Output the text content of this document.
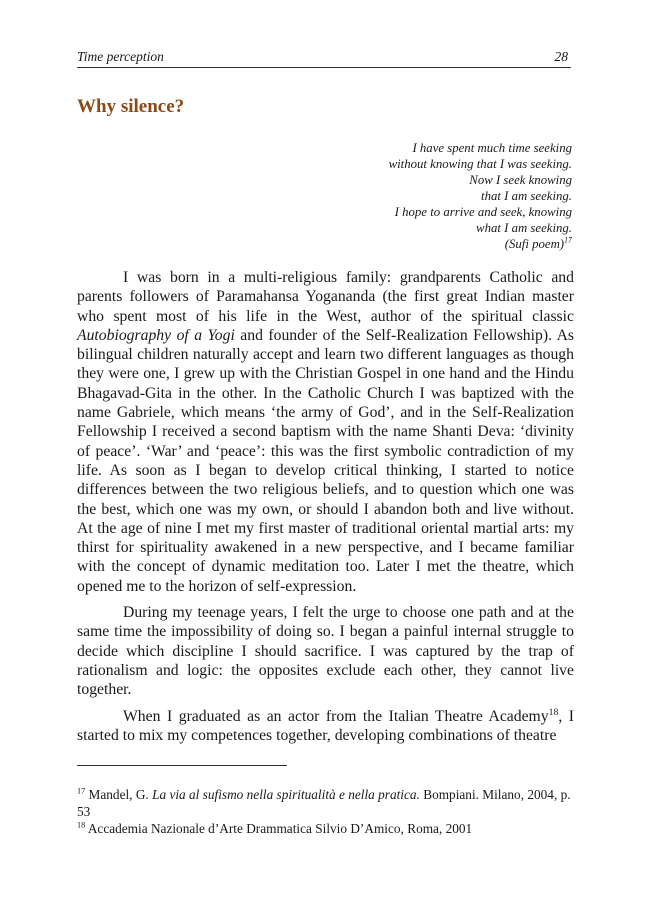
Time perception	28
Why silence?
I have spent much time seeking
without knowing that I was seeking.
Now I seek knowing
that I am seeking.
I hope to arrive and seek, knowing
what I am seeking.
(Sufi poem)$^{17}$

I was born in a multi-religious family: grandparents Catholic and parents followers of Paramahansa Yogananda (the first great Indian master who spent most of his life in the West, author of the spiritual classic Autobiography of a Yogi and founder of the Self-Realization Fellowship). As bilingual children naturally accept and learn two different languages as though they were one, I grew up with the Christian Gospel in one hand and the Hindu Bhagavad-Gita in the other. In the Catholic Church I was baptized with the name Gabriele, which means ‘the army of God’, and in the Self-Realization Fellowship I received a second baptism with the name Shanti Deva: ‘divinity of peace’. ‘War’ and ‘peace’: this was the first symbolic contradiction of my life. As soon as I began to develop critical thinking, I started to notice differences between the two religious beliefs, and to question which one was the best, which one was my own, or should I abandon both and live without. At the age of nine I met my first master of traditional oriental martial arts: my thirst for spirituality awakened in a new perspective, and I became familiar with the concept of dynamic meditation too. Later I met the theatre, which opened me to the horizon of self-expression.

During my teenage years, I felt the urge to choose one path and at the same time the impossibility of doing so. I began a painful internal struggle to decide which discipline I should sacrifice. I was captured by the trap of rationalism and logic: the opposites exclude each other, they cannot live together.

When I graduated as an actor from the Italian Theatre Academy$^{18}$, I started to mix my competences together, developing combinations of theatre

$^{17}$ Mandel, G. La via al sufismo nella spiritualità e nella pratica. Bompiani. Milano, 2004, p. 53

$^{18}$ Accademia Nazionale d’Arte Drammatica Silvio D’Amico, Roma, 2001
